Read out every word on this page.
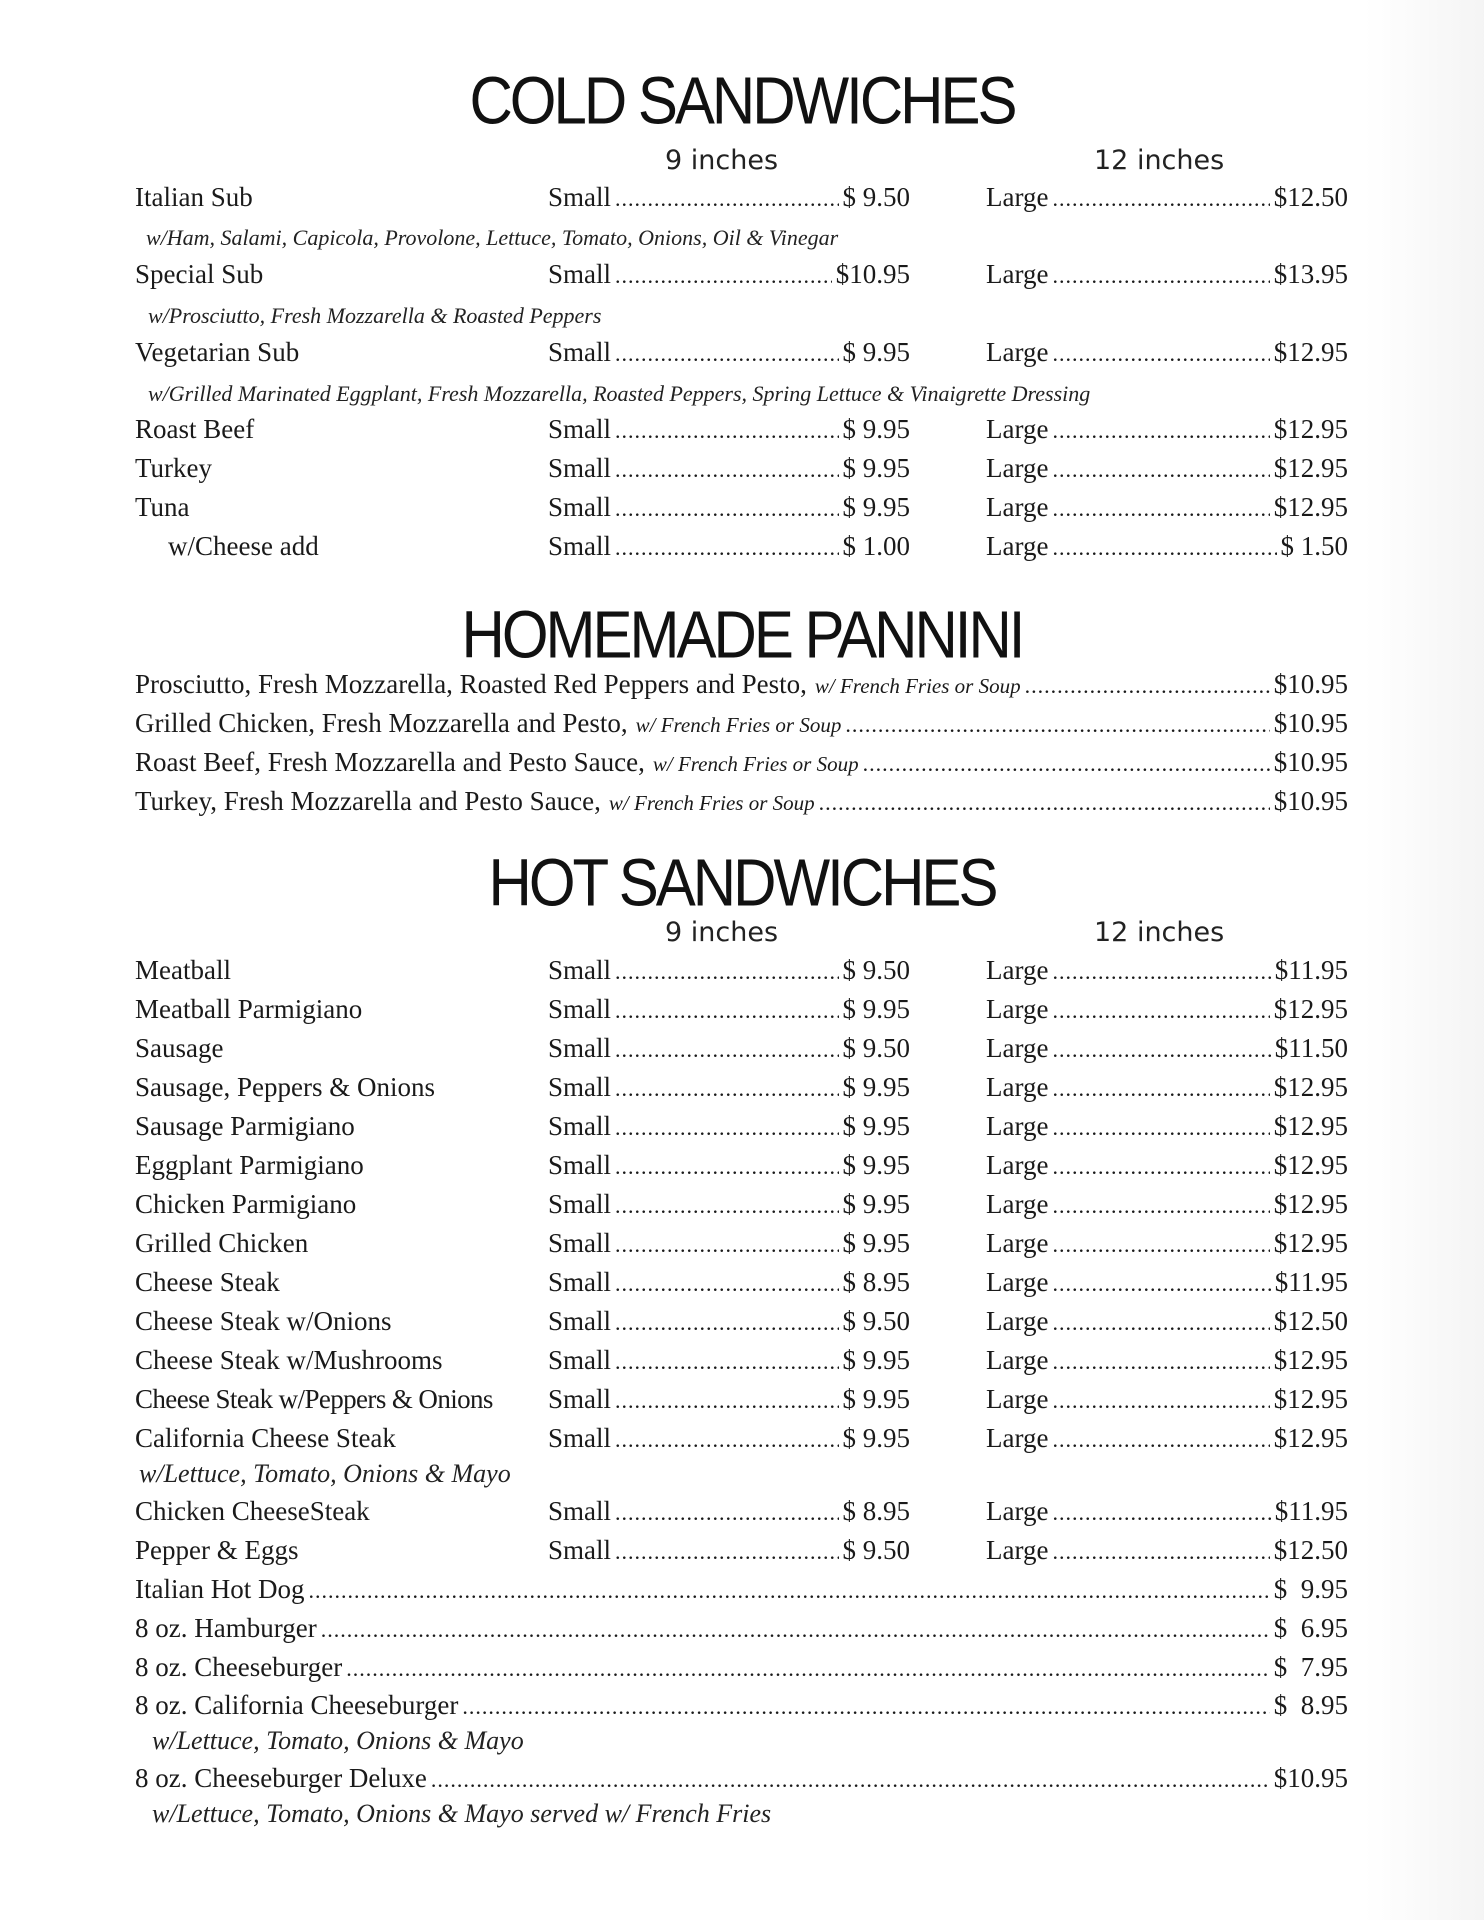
COLD SANDWICHES
9 inches	12 inches
Italian Sub	Small .....	$ 9.50	Large .....	$12.50
w/Ham, Salami, Capicola, Provolone, Lettuce, Tomato, Onions, Oil & Vinegar
Special Sub	Small .....	$10.95	Large .....	$13.95
w/Prosciutto, Fresh Mozzarella & Roasted Peppers
Vegetarian Sub	Small .....	$ 9.95	Large .....	$12.95
w/Grilled Marinated Eggplant, Fresh Mozzarella, Roasted Peppers, Spring Lettuce & Vinaigrette Dressing
Roast Beef	Small .....	$ 9.95	Large .....	$12.95
Turkey	Small .....	$ 9.95	Large .....	$12.95
Tuna	Small .....	$ 9.95	Large .....	$12.95
w/Cheese add	Small .....	$ 1.00	Large .....	$ 1.50
HOMEMADE PANNINI
Prosciutto, Fresh Mozzarella, Roasted Red Peppers and Pesto, w/ French Fries or Soup .....	$10.95
Grilled Chicken, Fresh Mozzarella and Pesto, w/ French Fries or Soup .....	$10.95
Roast Beef, Fresh Mozzarella and Pesto Sauce, w/ French Fries or Soup .....	$10.95
Turkey, Fresh Mozzarella and Pesto Sauce, w/ French Fries or Soup .....	$10.95
HOT SANDWICHES
9 inches	12 inches
Meatball	Small .....	$ 9.50	Large .....	$11.95
Meatball Parmigiano	Small .....	$ 9.95	Large .....	$12.95
Sausage	Small .....	$ 9.50	Large .....	$11.50
Sausage, Peppers & Onions	Small .....	$ 9.95	Large .....	$12.95
Sausage Parmigiano	Small .....	$ 9.95	Large .....	$12.95
Eggplant Parmigiano	Small .....	$ 9.95	Large .....	$12.95
Chicken Parmigiano	Small .....	$ 9.95	Large .....	$12.95
Grilled Chicken	Small .....	$ 9.95	Large .....	$12.95
Cheese Steak	Small .....	$ 8.95	Large .....	$11.95
Cheese Steak w/Onions	Small .....	$ 9.50	Large .....	$12.50
Cheese Steak w/Mushrooms	Small .....	$ 9.95	Large .....	$12.95
Cheese Steak w/Peppers & Onions Small .....	$ 9.95	Large .....	$12.95
California Cheese Steak	Small .....	$ 9.95	Large .....	$12.95
w/Lettuce, Tomato, Onions & Mayo
Chicken CheeseSteak	Small .....	$ 8.95	Large .....	$11.95
Pepper & Eggs	Small .....	$ 9.50	Large .....	$12.50
Italian Hot Dog .....	$  9.95
8 oz. Hamburger .....	$  6.95
8 oz. Cheeseburger .....	$  7.95
8 oz. California Cheeseburger .....	$  8.95
w/Lettuce, Tomato, Onions & Mayo
8 oz. Cheeseburger Deluxe .....	$10.95
w/Lettuce, Tomato, Onions & Mayo served w/ French Fries
